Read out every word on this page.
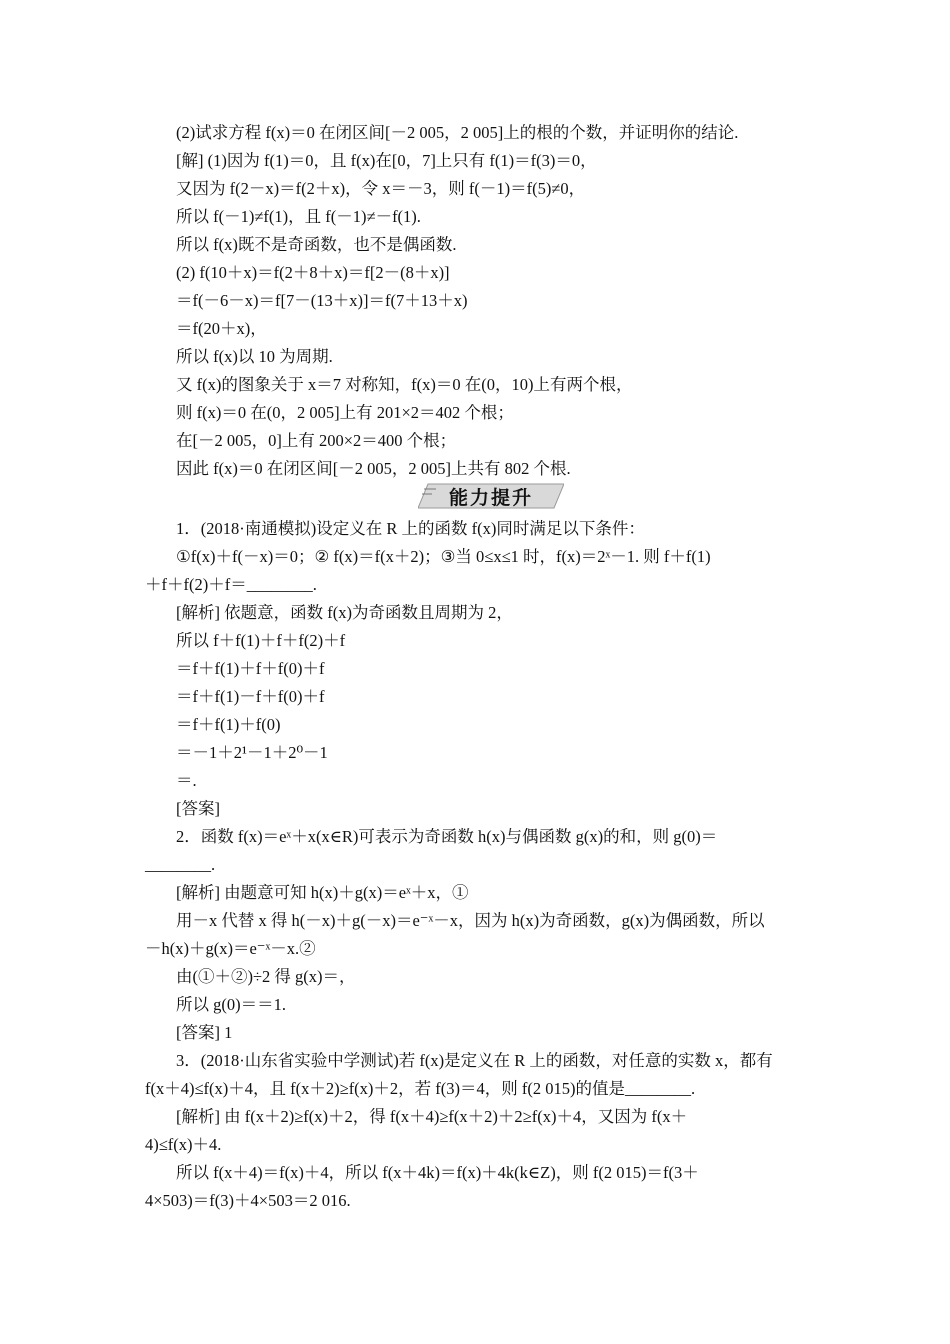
(2)试求方程 f(x)＝0 在闭区间[－2 005，2 005]上的根的个数，并证明你的结论.
[解] (1)因为 f(1)＝0，且 f(x)在[0，7]上只有 f(1)＝f(3)＝0，
又因为 f(2－x)＝f(2＋x)，令 x＝－3，则 f(－1)＝f(5)≠0，
所以 f(－1)≠f(1)，且 f(－1)≠－f(1).
所以 f(x)既不是奇函数，也不是偶函数.
(2) f(10＋x)＝f(2＋8＋x)＝f[2－(8＋x)]
＝f(－6－x)＝f[7－(13＋x)]＝f(7＋13＋x)
＝f(20＋x)，
所以 f(x)以 10 为周期.
又 f(x)的图象关于 x＝7 对称知，f(x)＝0 在(0，10)上有两个根，
则 f(x)＝0 在(0，2 005]上有 201×2＝402 个根；
在[－2 005，0]上有 200×2＝400 个根；
因此 f(x)＝0 在闭区间[－2 005，2 005]上共有 802 个根.
能力提升
1．(2018·南通模拟)设定义在 R 上的函数 f(x)同时满足以下条件：
①f(x)＋f(－x)＝0；② f(x)＝f(x＋2)；③当 0≤x≤1 时，f(x)＝2ˣ－1. 则 f＋f(1)
＋f＋f(2)＋f＝________.
[解析] 依题意，函数 f(x)为奇函数且周期为 2，
所以 f＋f(1)＋f＋f(2)＋f
＝f＋f(1)＋f＋f(0)＋f
＝f＋f(1)－f＋f(0)＋f
＝f＋f(1)＋f(0)
＝－1＋2¹－1＋2⁰－1
＝.
[答案]
2．函数 f(x)＝eˣ＋x(x∈R)可表示为奇函数 h(x)与偶函数 g(x)的和，则 g(0)＝
________.
[解析] 由题意可知 h(x)＋g(x)＝eˣ＋x，①
用－x 代替 x 得 h(－x)＋g(－x)＝e⁻ˣ－x，因为 h(x)为奇函数，g(x)为偶函数，所以
－h(x)＋g(x)＝e⁻ˣ－x.②
由(①＋②)÷2 得 g(x)＝，
所以 g(0)＝＝1.
[答案] 1
3．(2018·山东省实验中学测试)若 f(x)是定义在 R 上的函数，对任意的实数 x，都有
f(x＋4)≤f(x)＋4，且 f(x＋2)≥f(x)＋2，若 f(3)＝4，则 f(2 015)的值是________.
[解析] 由 f(x＋2)≥f(x)＋2，得 f(x＋4)≥f(x＋2)＋2≥f(x)＋4，又因为 f(x＋
4)≤f(x)＋4.
所以 f(x＋4)＝f(x)＋4，所以 f(x＋4k)＝f(x)＋4k(k∈Z)，则 f(2 015)＝f(3＋
4×503)＝f(3)＋4×503＝2 016.
